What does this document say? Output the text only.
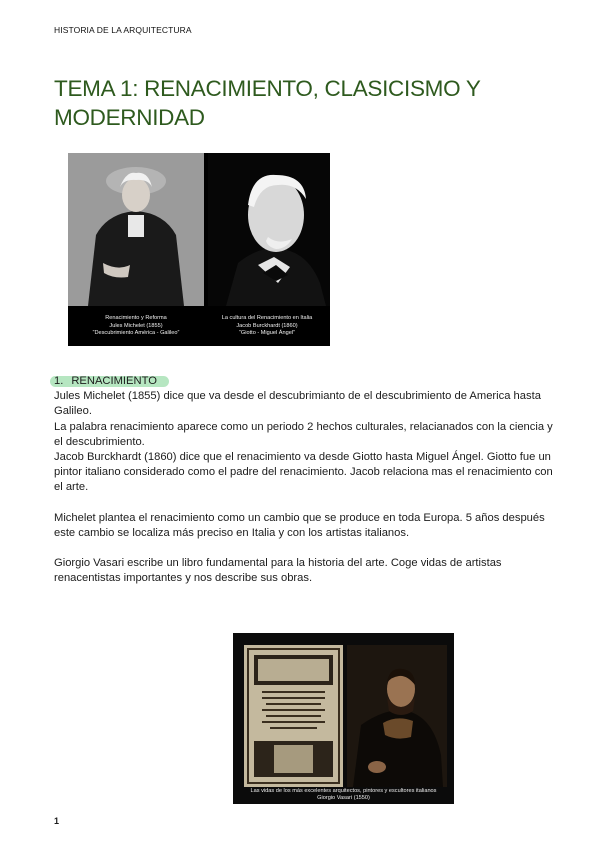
HISTORIA DE LA ARQUITECTURA
TEMA 1: RENACIMIENTO, CLASICISMO Y MODERNIDAD
Renacimiento y Reforma
Jules Michelet (1855)
“Descubrimiento América - Galileo”
La cultura del Renacimiento en Italia
Jacob Burckhardt (1860)
“Giotto - Miguel Ángel”
1. RENACIMIENTO

Jules Michelet (1855) dice que va desde el descubrimianto de el descubrimiento de America hasta Galileo.

La palabra renacimiento aparece como un periodo 2 hechos culturales, relacianados con la ciencia y el descubrimiento.

Jacob Burckhardt (1860) dice que el renacimiento va desde Giotto hasta Miguel Ángel. Giotto fue un pintor italiano considerado como el padre del renacimiento. Jacob relaciona mas el renacimiento con el arte.

Michelet plantea el renacimiento como un cambio que se produce en toda Europa. 5 años después este cambio se localiza más preciso en Italia y con los artistas italianos.

Giorgio Vasari escribe un libro fundamental para la historia del arte. Coge vidas de artistas renacentistas importantes y nos describe sus obras.

Las vidas de los más excelentes arquitectos, pintores y escultores italianos
Giorgio Vasari (1550)
1
